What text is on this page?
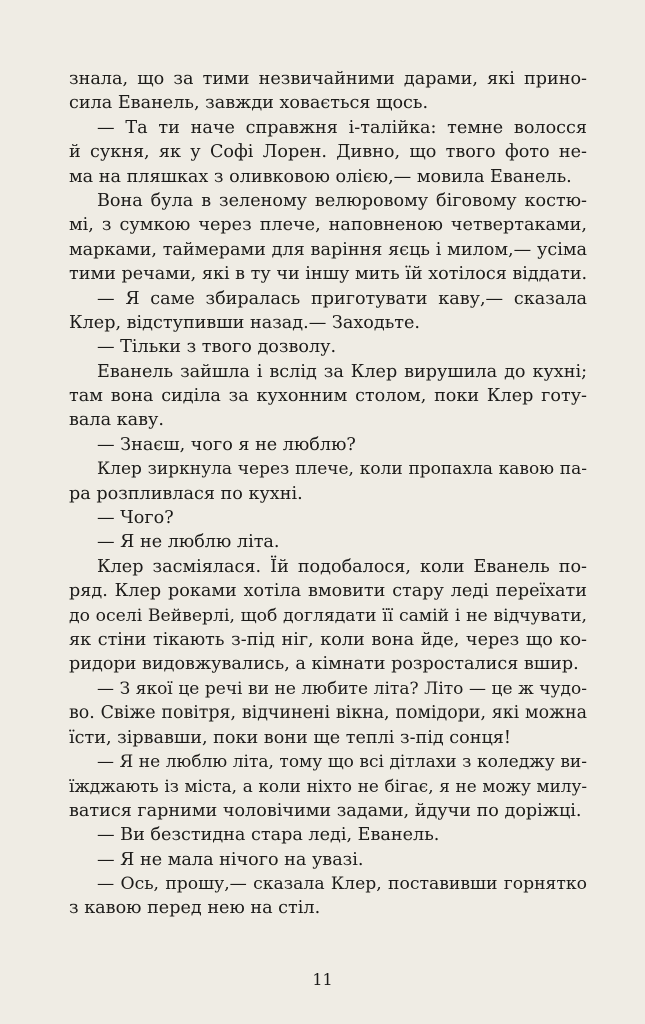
знала, що за тими незвичайними дарами, які прино-
сила Еванель, завжди ховається щось.
— Та ти наче справжня і-талійка: темне волосся
й сукня, як у Софі Лорен. Дивно, що твого фото не-
ма на пляшках з оливковою олією,— мовила Еванель.
Вона була в зеленому велюровому біговому костю-
мі, з сумкою через плече, наповненою четвертаками,
марками, таймерами для варіння яєць і милом,— усіма
тими речами, які в ту чи іншу мить їй хотілося віддати.
— Я саме збиралась приготувати каву,— сказала
Клер, відступивши назад.— Заходьте.
— Тільки з твого дозволу.
Еванель зайшла і вслід за Клер вирушила до кухні;
там вона сиділа за кухонним столом, поки Клер готу-
вала каву.
— Знаєш, чого я не люблю?
Клер зиркнула через плече, коли пропахла кавою па-
ра розпливлася по кухні.
— Чого?
— Я не люблю літа.
Клер засміялася. Їй подобалося, коли Еванель по-
ряд. Клер роками хотіла вмовити стару леді переїхати
до оселі Вейверлі, щоб доглядати її самій і не відчувати,
як стіни тікають з-під ніг, коли вона йде, через що ко-
ридори видовжувались, а кімнати розросталися вшир.
— З якої це речі ви не любите літа? Літо — це ж чудо-
во. Свіже повітря, відчинені вікна, помідори, які можна
їсти, зірвавши, поки вони ще теплі з-під сонця!
— Я не люблю літа, тому що всі дітлахи з коледжу ви-
їжджають із міста, а коли ніхто не бігає, я не можу милу-
ватися гарними чоловічими задами, йдучи по доріжці.
— Ви безстидна стара леді, Еванель.
— Я не мала нічого на увазі.
— Ось, прошу,— сказала Клер, поставивши горнятко
з кавою перед нею на стіл.
11
